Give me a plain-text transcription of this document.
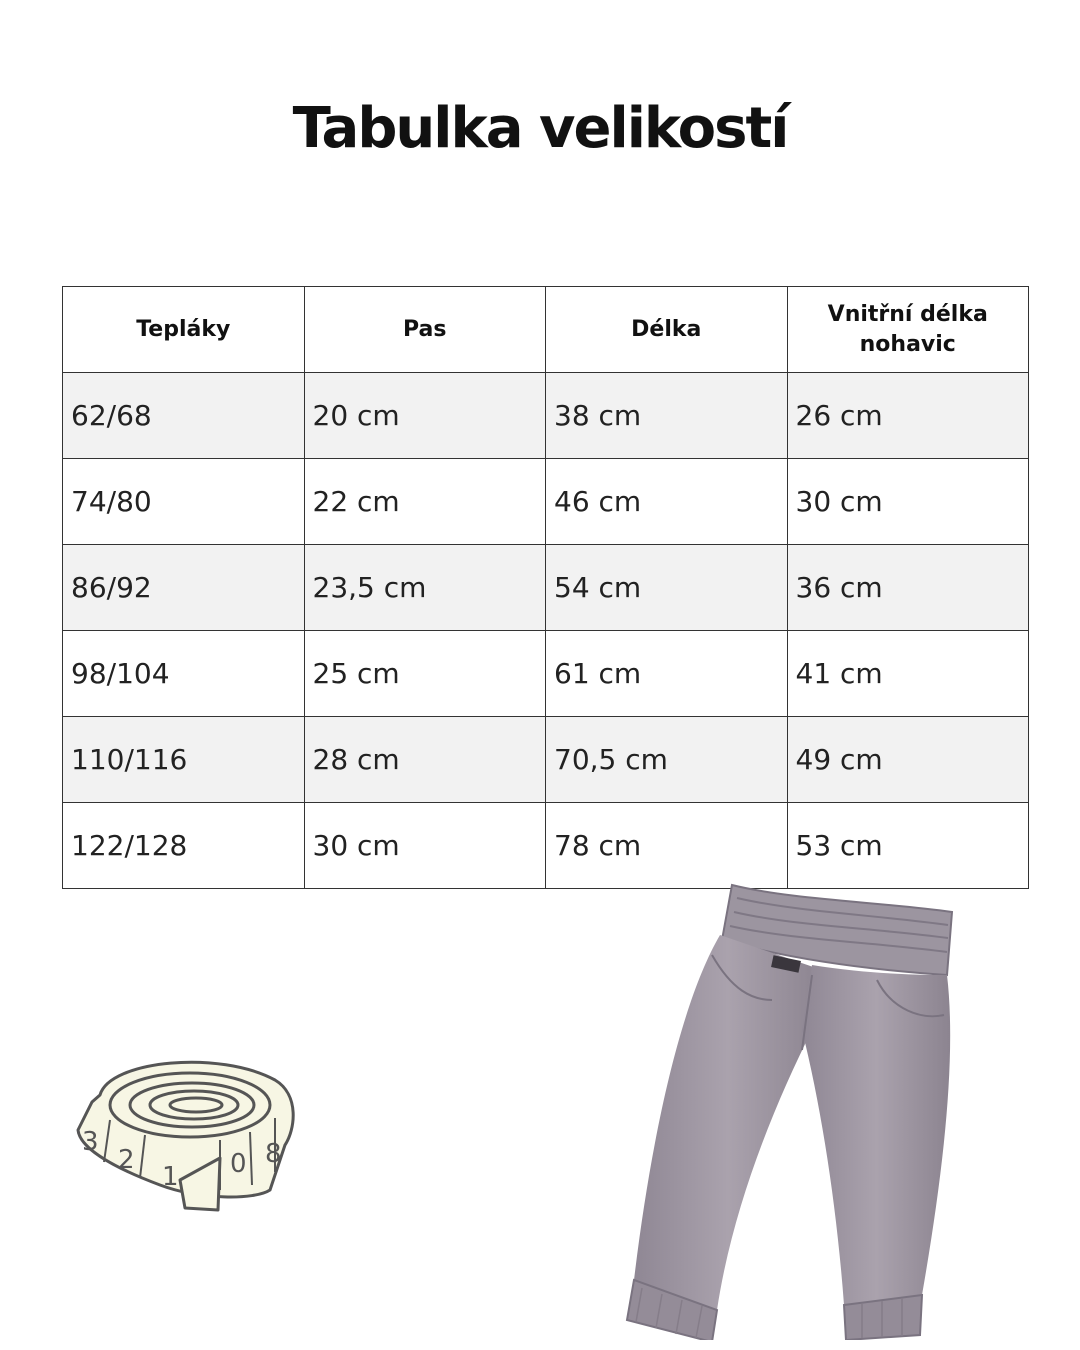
Tabulka velikostí
Tepláky	Pas	Délka	Vnitřní délka nohavic
62/68	20 cm	38 cm	26 cm
74/80	22 cm	46 cm	30 cm
86/92	23,5 cm	54 cm	36 cm
98/104	25 cm	61 cm	41 cm
110/116	28 cm	70,5 cm	49 cm
122/128	30 cm	78 cm	53 cm
3
2
1 0 8
